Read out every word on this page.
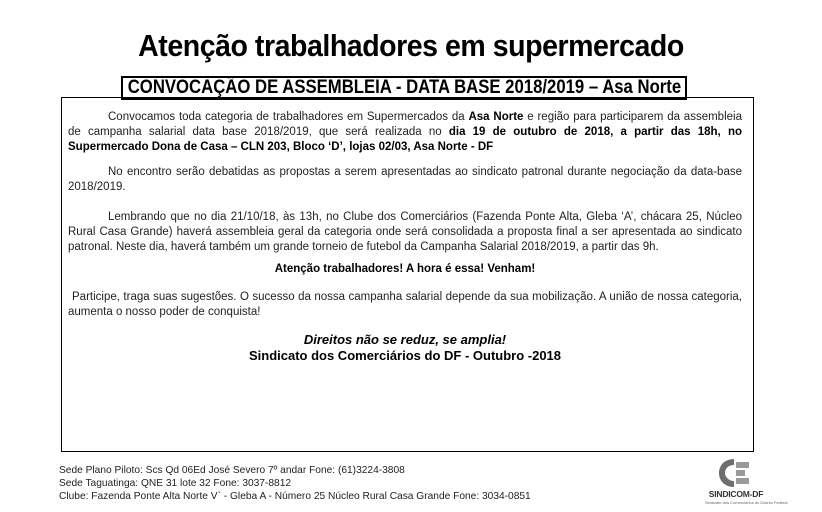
Atenção trabalhadores em supermercado
CONVOCAÇÃO DE ASSEMBLEIA - DATA BASE 2018/2019 – Asa Norte
Convocamos toda categoria de trabalhadores em Supermercados da Asa Norte e região para participarem da assembleia de campanha salarial data base 2018/2019, que será realizada no dia 19 de outubro de 2018, a partir das 18h, no Supermercado Dona de Casa – CLN 203, Bloco ‘D’, lojas 02/03, Asa Norte - DF
No encontro serão debatidas as propostas a serem apresentadas ao sindicato patronal durante negociação da data-base 2018/2019.
Lembrando que no dia 21/10/18, às 13h, no Clube dos Comerciários (Fazenda Ponte Alta, Gleba ‘A’, chácara 25, Núcleo Rural Casa Grande) haverá assembleia geral da categoria onde será consolidada a proposta final a ser apresentada ao sindicato patronal. Neste dia, haverá também um grande torneio de futebol da Campanha Salarial 2018/2019, a partir das 9h.
Atenção trabalhadores! A hora é essa! Venham!
Participe, traga suas sugestões. O sucesso da nossa campanha salarial depende da sua mobilização. A união de nossa categoria, aumenta o nosso poder de conquista!
Direitos não se reduz, se amplia!
Sindicato dos Comerciários do DF - Outubro -2018
Sede Plano Piloto: Scs Qd 06Ed José Severo 7º andar Fone: (61)3224-3808
Sede Taguatinga: QNE 31 lote 32 Fone: 3037-8812
Clube: Fazenda Ponte Alta Norte V` - Gleba A - Número 25 Núcleo Rural Casa Grande Fone: 3034-0851	SINDICOM-DF
Sindicato dos Comerciários do Distrito Federal
